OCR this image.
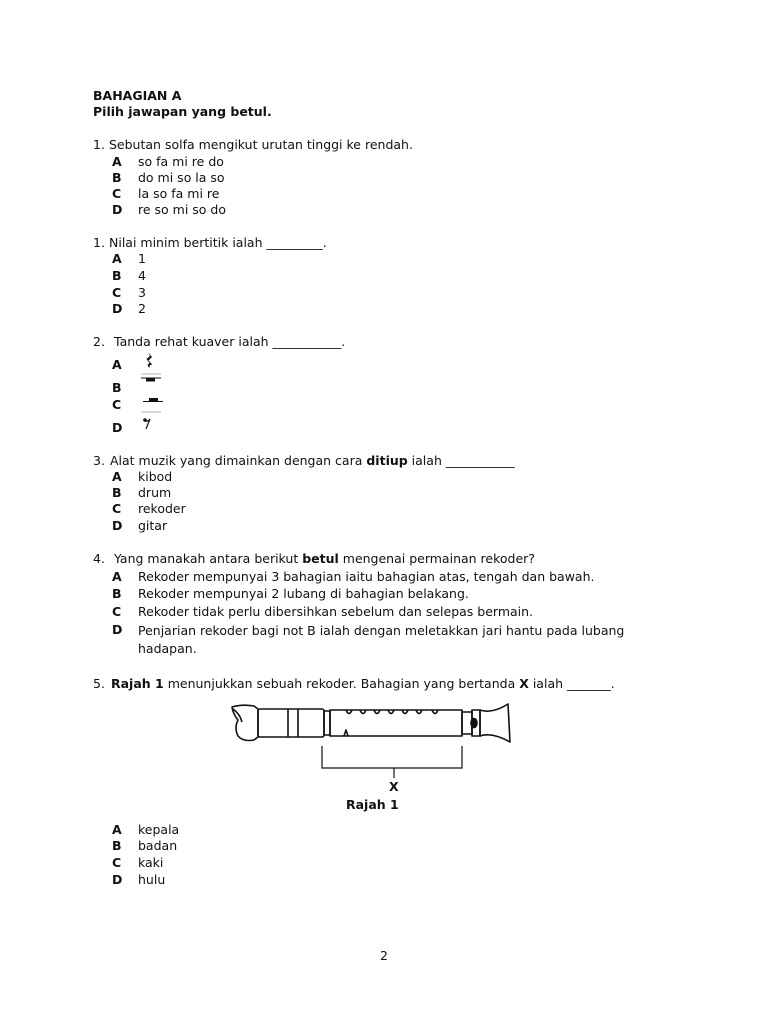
BAHAGIAN A
Pilih jawapan yang betul.
1. Sebutan solfa mengikut urutan tinggi ke rendah.
A so fa mi re do
B do mi so la so
C la so fa mi re
D re so mi so do
1. Nilai minim bertitik ialah _________.
A 1
B 4
C 3
D 2
2. Tanda rehat kuaver ialah ___________.
A
B
C
D
3. Alat muzik yang dimainkan dengan cara ditiup ialah ___________
A kibod
B drum
C rekoder
D gitar
4. Yang manakah antara berikut betul mengenai permainan rekoder?
A Rekoder mempunyai 3 bahagian iaitu bahagian atas, tengah dan bawah.
B Rekoder mempunyai 2 lubang di bahagian belakang.
C Rekoder tidak perlu dibersihkan sebelum dan selepas bermain.
D Penjarian rekoder bagi not B ialah dengan meletakkan jari hantu pada lubang hadapan.
5. Rajah 1 menunjukkan sebuah rekoder. Bahagian yang bertanda X ialah _______.
X
Rajah 1
A kepala
B badan
C kaki
D hulu
2
